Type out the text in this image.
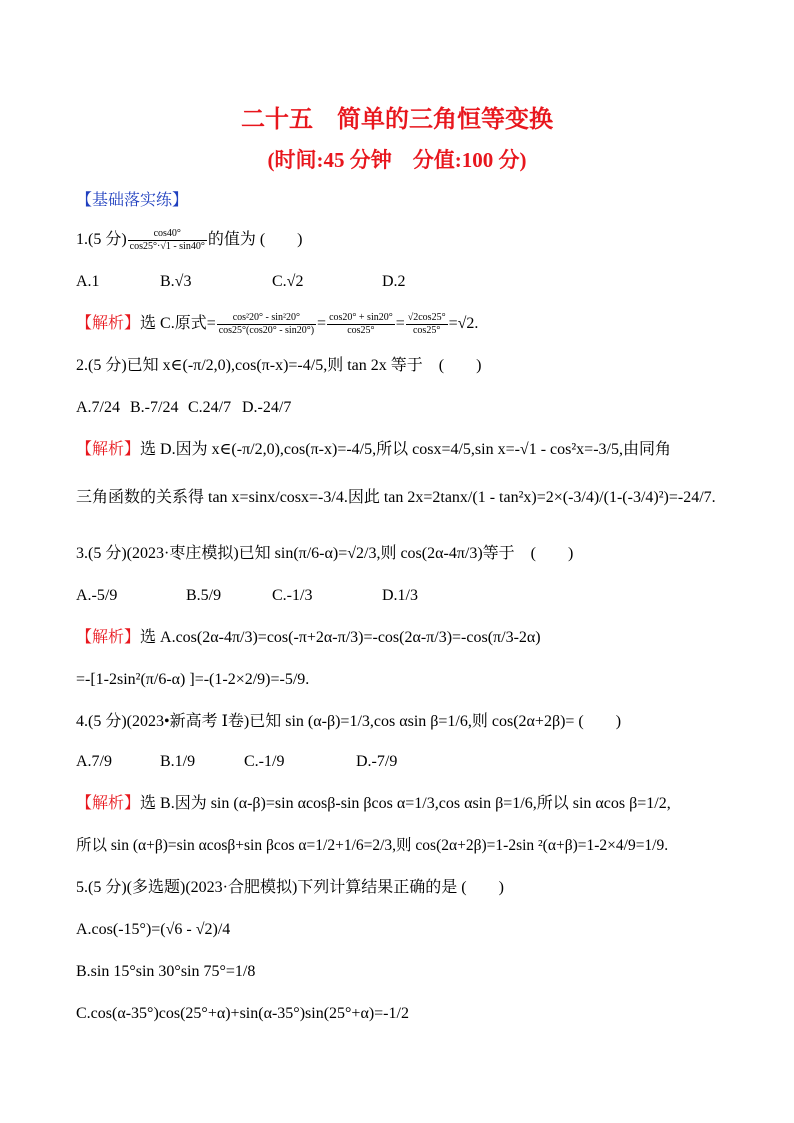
二十五　简单的三角恒等变换
(时间:45 分钟　分值:100 分)
【基础落实练】
1.(5 分) $\frac{\cos 40^\circ}{\cos 25^\circ\cdot√1 - \sin 40^\circ}$ 的值为 (　　)
A.1	B.√3	C.√2	D.2
【解析】选 C.原式= $\frac{\text{cos²20° - sin²20°}}{\cos 25^\circ(\cos 20^\circ - \sin 20^\circ)} = \frac{\cos 20^\circ + \sin 20^\circ}{\cos 25^\circ} = \frac{√2\cos 25^\circ}{\cos 25^\circ} =√2$.
2.(5 分)已知 x∈(-π/2,0),cos(π-x)=-4/5,则 tan 2x 等于　(　　)
A.7/24 B.-7/24 C.24/7 D.-24/7
【解析】选 D.因为 x∈(-π/2,0),cos(π-x)=-4/5,所以 cosx=4/5,sin x=-√1 - cos²x=-3/5,由同角
三角函数的关系得 tan x=sinx/cosx=-3/4.因此 tan 2x=2tanx/(1 - tan²x)=2×(-3/4)/(1-(-3/4)²)=-24/7.
3.(5 分)(2023·枣庄模拟)已知 sin(π/6-α)=√2/3,则 cos(2α-4π/3)等于　(　　)
A.-5/9	B.5/9	C.-1/3	D.1/3
【解析】选 A.cos(2α-4π/3)=cos(-π+2α-π/3)=-cos(2α-π/3)=-cos(π/3-2α)
=-[1-2sin²(π/6-α) ]=-(1-2×2/9)=-5/9.
4.(5 分)(2023•新高考 Ⅰ卷)已知 sin (α-β)=1/3,cos αsin β=1/6,则 cos(2α+2β)= (　　)
A.7/9	B.1/9	C.-1/9	D.-7/9
【解析】选 B.因为 sin (α-β)=sin αcosβ-sin βcos α=1/3,cos αsin β=1/6,所以 sin αcos β=1/2,
所以 sin (α+β)=sin αcosβ+sin βcos α=1/2+1/6=2/3,则 cos(2α+2β)=1-2sin ²(α+β)=1-2×4/9=1/9.
5.(5 分)(多选题)(2023·合肥模拟)下列计算结果正确的是 (　　)
A.cos(-15°)=(√6 - √2)/4
B.sin 15°sin 30°sin 75°=1/8
C.cos(α-35°)cos(25°+α)+sin(α-35°)sin(25°+α)=-1/2
